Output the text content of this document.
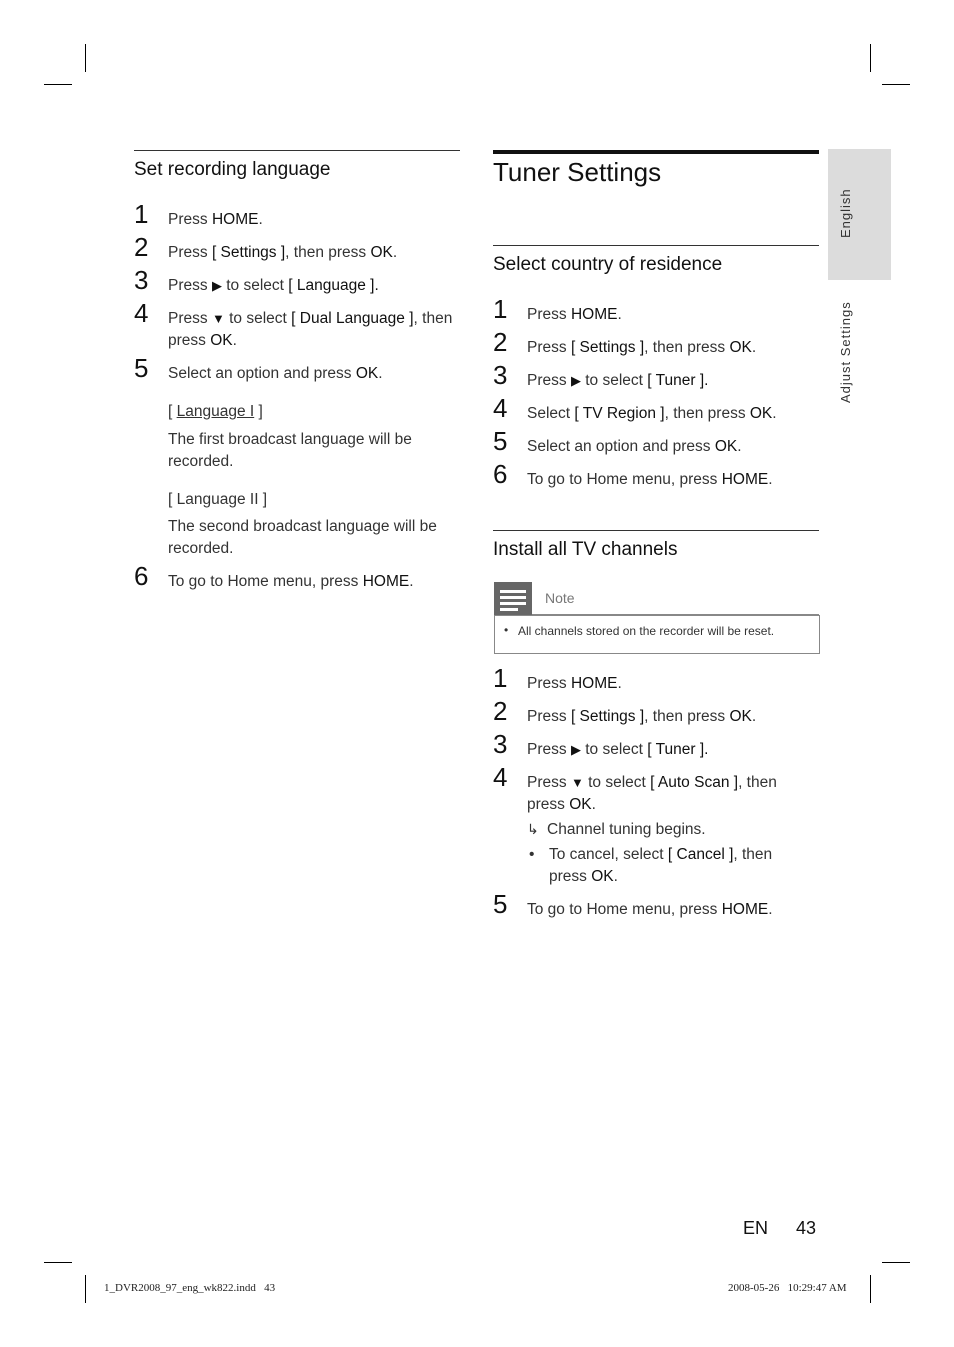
Set recording language
1	Press HOME.
2	Press [ Settings ], then press OK.
3	Press ▶ to select [ Language ].
4	Press ▼ to select [ Dual Language ], then
press OK.
5	Select an option and press OK.
[ Language I ]
The first broadcast language will be
recorded.
[ Language II ]
The second broadcast language will be
recorded.
6	To go to Home menu, press HOME.
Tuner Settings
Select country of residence
1	Press HOME.
2	Press [ Settings ], then press OK.
3	Press ▶ to select [ Tuner ].
4	Select [ TV Region ], then press OK.
5	Select an option and press OK.
6	To go to Home menu, press HOME.
Install all TV channels
Note
• All channels stored on the recorder will be reset.
1	Press HOME.
2	Press [ Settings ], then press OK.
3	Press ▶ to select [ Tuner ].
4	Press ▼ to select [ Auto Scan ], then
press OK.
↳ Channel tuning begins.
• To cancel, select [ Cancel ], then
press OK.
5	To go to Home menu, press HOME.
English
Adjust Settings
EN 43
1_DVR2008_97_eng_wk822.indd   43	2008-05-26   10:29:47 AM
